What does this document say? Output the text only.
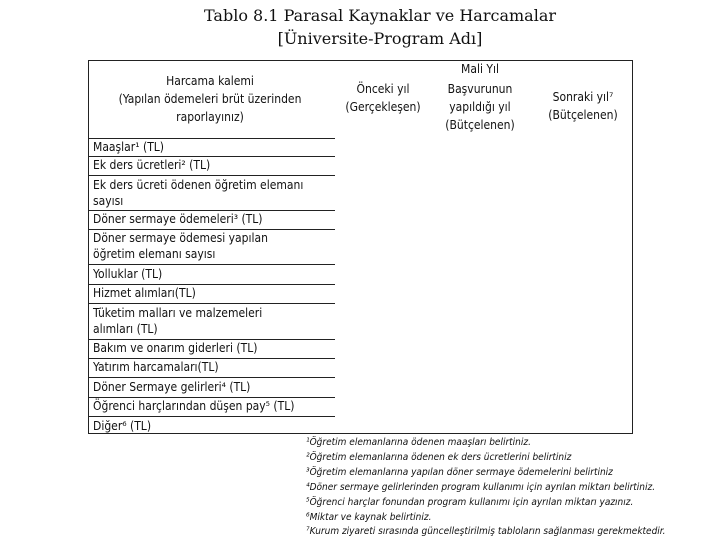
Tablo 8.1 Parasal Kaynaklar ve Harcamalar
[Üniversite-Program Adı]
Harcama kalemi
(Yapılan ödemeleri brüt üzerinden
raporlayınız)
Mali Yıl
Önceki yıl
(Gerçekleşen)
Başvurunun
yapıldığı yıl
(Bütçelenen)
Sonraki yıl⁷
(Bütçelenen)
Maaşlar¹ (TL)
Ek ders ücretleri² (TL)
Ek ders ücreti ödenen öğretim elemanı
sayısı
Döner sermaye ödemeleri³ (TL)
Döner sermaye ödemesi yapılan
öğretim elemanı sayısı
Yolluklar (TL)
Hizmet alımları(TL)
Tüketim malları ve malzemeleri
alımları (TL)
Bakım ve onarım giderleri (TL)
Yatırım harcamaları(TL)
Döner Sermaye gelirleri⁴ (TL)
Öğrenci harçlarından düşen pay⁵ (TL)
Diğer⁶ (TL)
¹Öğretim elemanlarına ödenen maaşları belirtiniz.
²Öğretim elemanlarına ödenen ek ders ücretlerini belirtiniz
³Öğretim elemanlarına yapılan döner sermaye ödemelerini belirtiniz
⁴Döner sermaye gelirlerinden program kullanımı için ayrılan miktarı belirtiniz.
⁵Öğrenci harçlar fonundan program kullanımı için ayrılan miktarı yazınız.
⁶Miktar ve kaynak belirtiniz.
⁷Kurum ziyareti sırasında güncelleştirilmiş tabloların sağlanması gerekmektedir.
